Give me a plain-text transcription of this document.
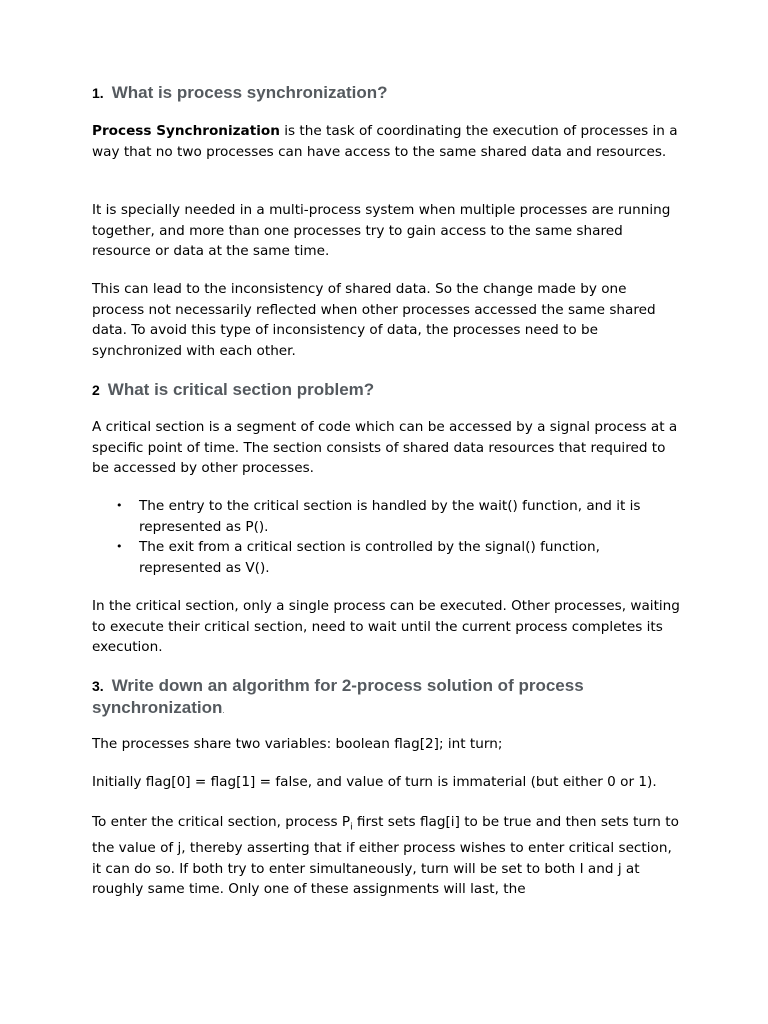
1. What is process synchronization?

Process Synchronization is the task of coordinating the execution of processes in a way that no two processes can have access to the same shared data and resources.

It is specially needed in a multi-process system when multiple processes are running together, and more than one processes try to gain access to the same shared resource or data at the same time.

This can lead to the inconsistency of shared data. So the change made by one process not necessarily reflected when other processes accessed the same shared data. To avoid this type of inconsistency of data, the processes need to be synchronized with each other.

2 What is critical section problem?

A critical section is a segment of code which can be accessed by a signal process at a specific point of time. The section consists of shared data resources that required to be accessed by other processes.

• The entry to the critical section is handled by the wait() function, and it is represented as P().
• The exit from a critical section is controlled by the signal() function, represented as V().

In the critical section, only a single process can be executed. Other processes, waiting to execute their critical section, need to wait until the current process completes its execution.

3. Write down an algorithm for 2-process solution of process synchronization.

The processes share two variables: boolean flag[2]; int turn;

Initially flag[0] = flag[1] = false, and value of turn is immaterial (but either 0 or 1).

To enter the critical section, process $P_i$ first sets flag[i] to be true and then sets turn to the value of j, thereby asserting that if either process wishes to enter critical section, it can do so. If both try to enter simultaneously, turn will be set to both I and j at roughly same time. Only one of these assignments will last, the
